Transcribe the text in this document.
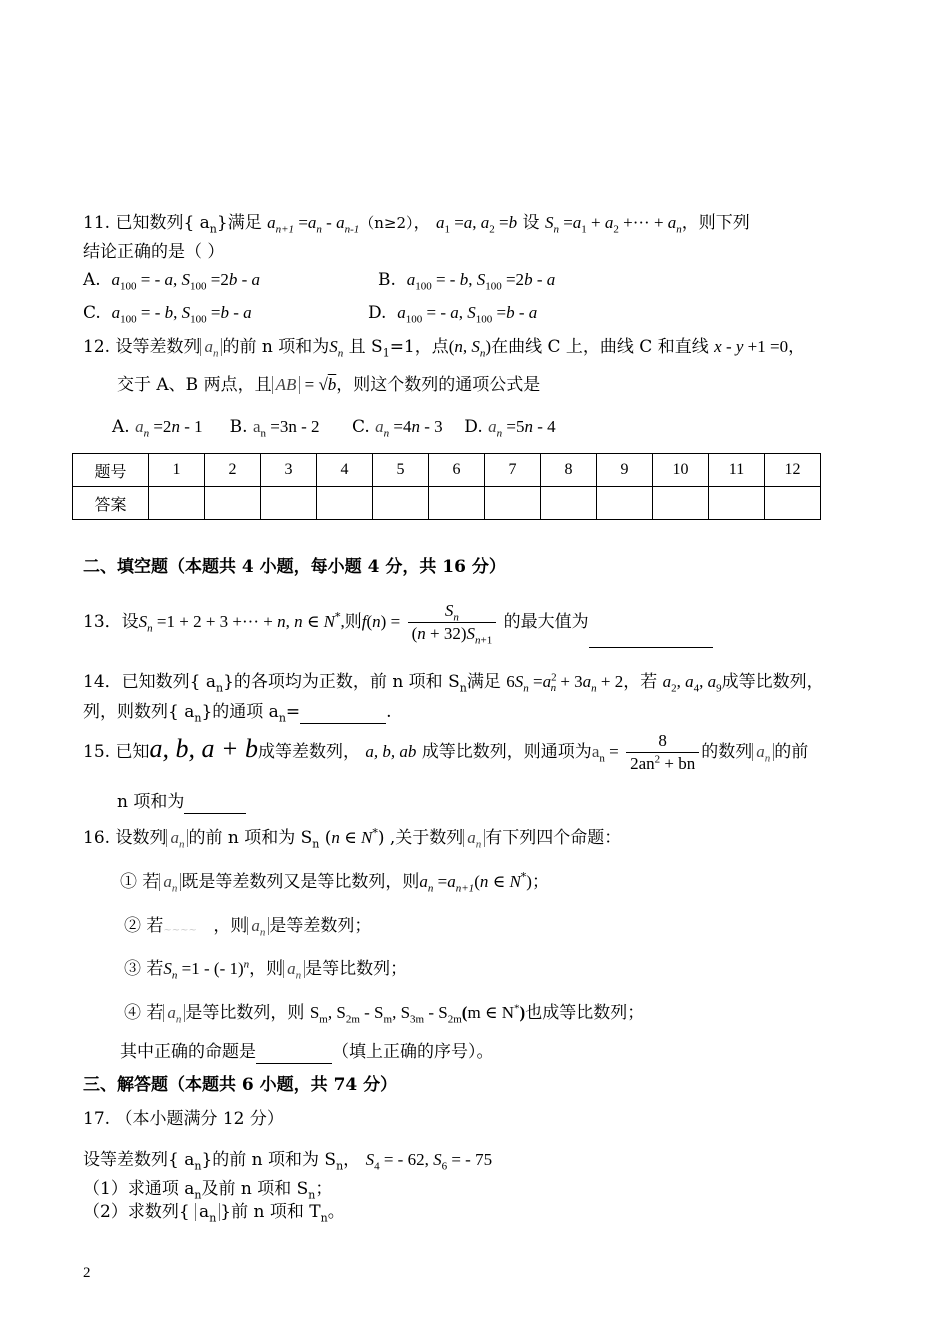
11. 已知数列{ $a_n$}满足 $a_{n+1} =a_n - a_{n-1}(n\ge 2)$， $a_1 =a$, $a_2 =b$ 设 $S_n =a_1 + a_2$ +··· + $a_n$，则下列
结论正确的是（ ）
A. $a_{100}$ = - a, $S_{100} =2b - a$	B. $a_{100}$ = - b, $S_{100} =2b - a$
C. $a_{100}$ = - b, $S_{100} =b - a$	D. $a_{100}$ = - a, $S_{100} =b - a$
12. 设等差数列 $a_n$ 的前 n 项和为$S_n$ 且 $S_1=1$，点(n, $S_n$)在曲线 C 上，曲线 C 和直线 x - y +1 =0，
交于 A、B 两点，且 AB = √b，则这个数列的通项公式是
A. $a_n =2n - 1$ B. $a_n =3n - 2$ C. $a_n =4n - 3$ D. $a_n =5n - 4$
题号	1	2	3	4	5	6	7	8	9	10	11	12
答案												
二、填空题（本题共 4 小题，每小题 4 分，共 16 分）
13．设$S_n =1 + 2 + 3$ +··· + n, n ∈ N*,则$f(n) = \frac{S_n}{(n + 32)S_{n+1}}$ 的最大值为
14．已知数列{ $a_n$}的各项均为正数，前 n 项和 $S_n$满足 $6S_n =a^2_n + 3a_n + 2$，若 $a_2$, $a_4$, $a_9$成等比数列，
列，则数列{ $a_n$}的通项 $a_n=$	.
15. 已知a, b, a + b成等差数列， a, b, ab 成等比数列，则通项为$a_n = \frac{8}{2an^2 + bn}$ 的数列 $a_n$ 的前
n 项和为
16. 设数列 $a_n$ 的前 n 项和为 $S_n$ (n ∈ N*) ,关于数列 $a_n$ 有下列四个命题：
① 若 $a_n$ 既是等差数列又是等比数列，则$a_n =a_{n+1}(n$ ∈ N*)；
② 若~~~~ ，则 $a_n$ 是等差数列；
③ 若$S_n =1$ - (- 1)$^n$，则 $a_n$ 是等比数列；
④ 若 $a_n$ 是等比数列，则 $S_m$, $S_{2m} - S_m$, $S_{3m} - S_{2m}(m$ ∈ N*)也成等比数列；
其中正确的命题是	（填上正确的序号）。
三、解答题（本题共 6 小题，共 74 分）
17. （本小题满分 12 分）
设等差数列{ $a_n$}的前 n 项和为 $S_n$， $S_4$ = - 62, $S_6$ = - 75
（1）求通项 $a_n$及前 n 项和 $S_n$；
（2）求数列{ $a_n$ }前 n 项和 $T_n$。
2
